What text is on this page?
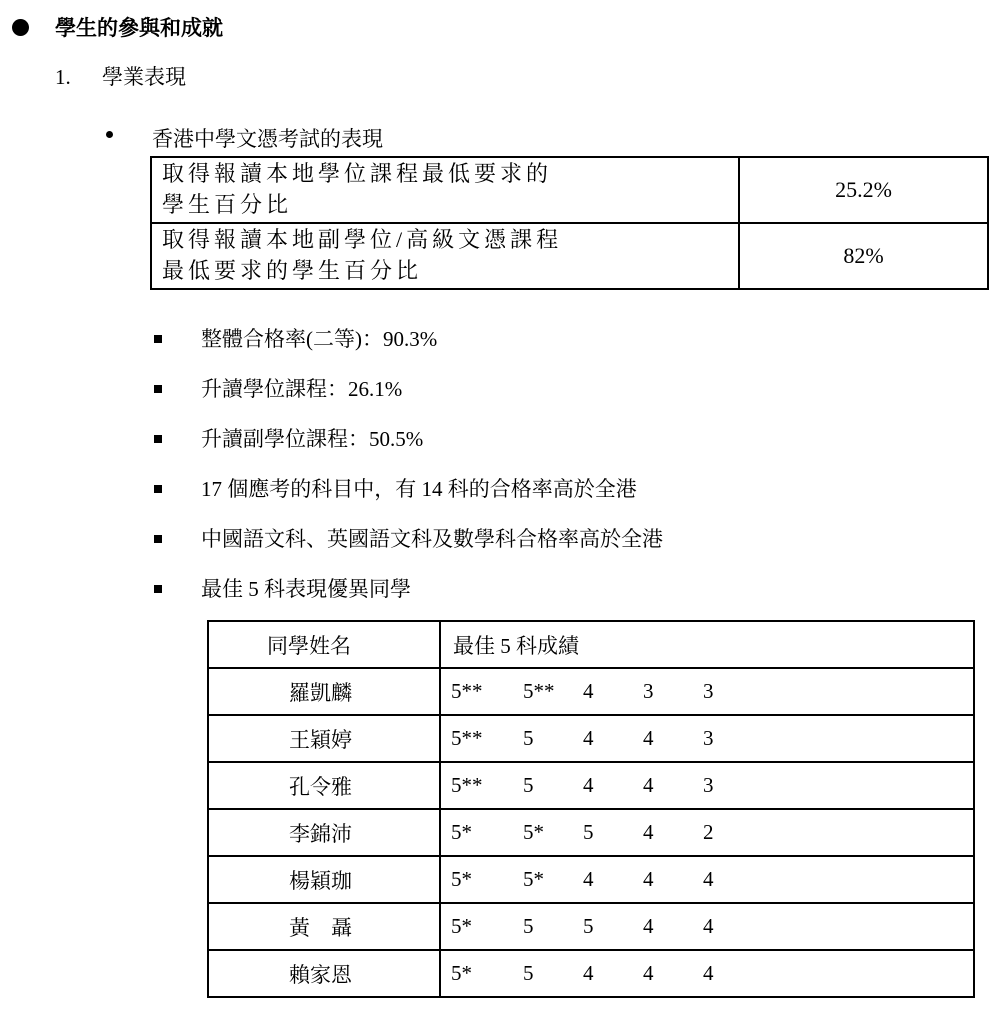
學生的參與和成就
1. 學業表現
香港中學文憑考試的表現
取得報讀本地學位課程最低要求的
學生百分比	25.2%

取得報讀本地副學位/高級文憑課程
最低要求的學生百分比	82%
整體合格率(二等)：90.3%
升讀學位課程：26.1%
升讀副學位課程：50.5%
17 個應考的科目中，有 14 科的合格率高於全港
中國語文科、英國語文科及數學科合格率高於全港
最佳 5 科表現優異同學
同學姓名	最佳 5 科成績
羅凱麟	5** 5** 4 3 3

王穎婷	5** 5 4 4 3

孔令雅	5** 5 4 4 3

李錦沛	5* 5* 5 4 2

楊穎珈	5* 5* 4 4 4

黃　聶	5* 5 5 4 4

賴家恩	5* 5 4 4 4
